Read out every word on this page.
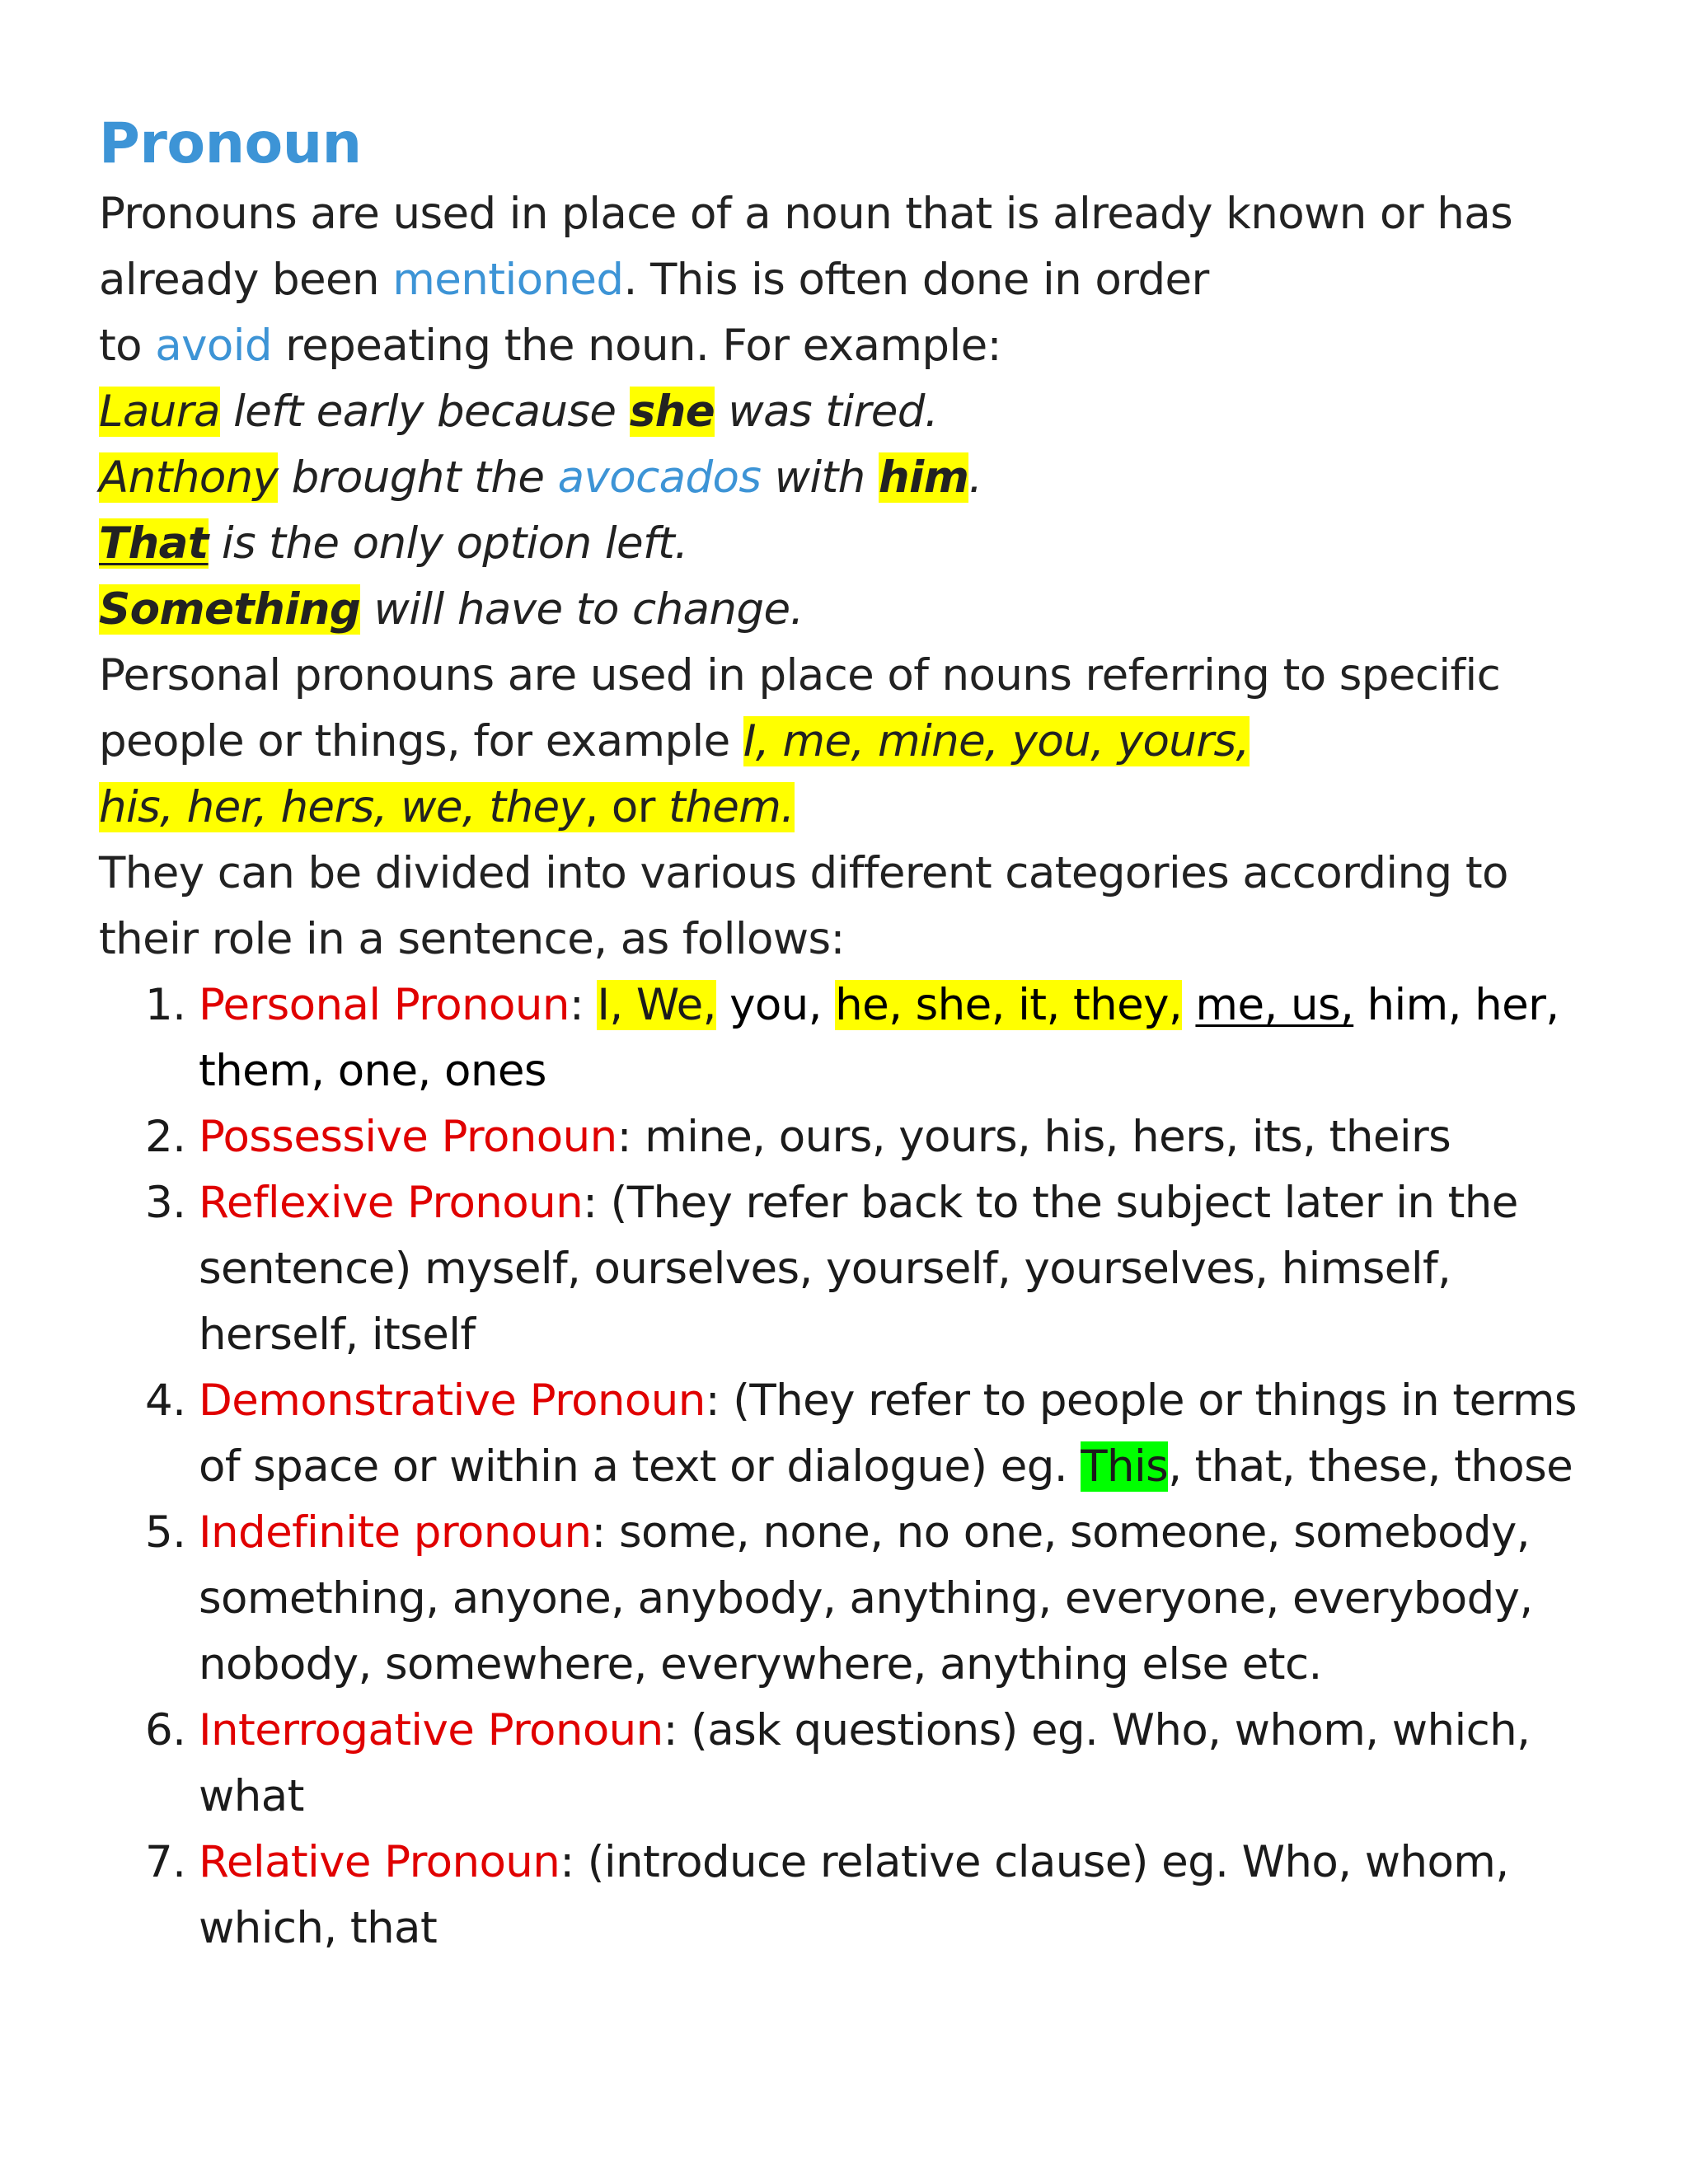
Pronoun

Pronouns are used in place of a noun that is already known or has already been mentioned. This is often done in order
to avoid repeating the noun. For example:

Laura left early because she was tired.

Anthony brought the avocados with him.

That is the only option left.

Something will have to change.

Personal pronouns are used in place of nouns referring to specific people or things, for example I, me, mine, you, yours,
his, her, hers, we, they, or them.

They can be divided into various different categories according to their role in a sentence, as follows:

1. Personal Pronoun: I, We, you, he, she, it, they, me, us, him, her, them, one, ones
2. Possessive Pronoun: mine, ours, yours, his, hers, its, theirs
3. Reflexive Pronoun: (They refer back to the subject later in the sentence) myself, ourselves, yourself, yourselves, himself, herself, itself
4. Demonstrative Pronoun: (They refer to people or things in terms of space or within a text or dialogue) eg. This, that, these, those
5. Indefinite pronoun: some, none, no one, someone, somebody, something, anyone, anybody, anything, everyone, everybody, nobody, somewhere, everywhere, anything else etc.
6. Interrogative Pronoun: (ask questions) eg. Who, whom, which, what
7. Relative Pronoun: (introduce relative clause) eg. Who, whom, which, that
